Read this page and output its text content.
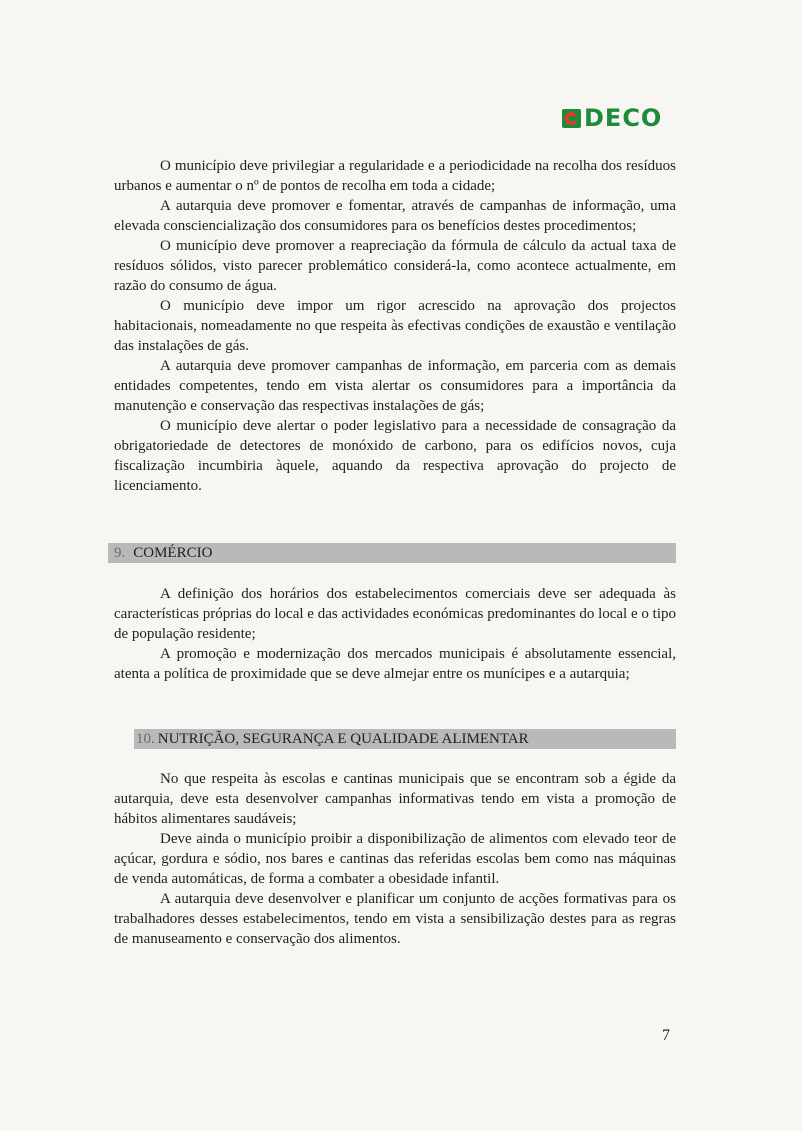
DECO

O município deve privilegiar a regularidade e a periodicidade na recolha dos resíduos urbanos e aumentar o nº de pontos de recolha em toda a cidade;

A autarquia deve promover e fomentar, através de campanhas de informação, uma elevada consciencialização dos consumidores para os benefícios destes procedimentos;

O município deve promover a reapreciação da fórmula de cálculo da actual taxa de resíduos sólidos, visto parecer problemático considerá-la, como acontece actualmente, em razão do consumo de água.

O município deve impor um rigor acrescido na aprovação dos projectos habitacionais, nomeadamente no que respeita às efectivas condições de exaustão e ventilação das instalações de gás.

A autarquia deve promover campanhas de informação, em parceria com as demais entidades competentes, tendo em vista alertar os consumidores para a importância da manutenção e conservação das respectivas instalações de gás;

O município deve alertar o poder legislativo para a necessidade de consagração da obrigatoriedade de detectores de monóxido de carbono, para os edifícios novos, cuja fiscalização incumbiria àquele, aquando da respectiva aprovação do projecto de licenciamento.

9. COMÉRCIO

A definição dos horários dos estabelecimentos comerciais deve ser adequada às características próprias do local e das actividades económicas predominantes do local e o tipo de população residente;

A promoção e modernização dos mercados municipais é absolutamente essencial, atenta a política de proximidade que se deve almejar entre os munícipes e a autarquia;

10. NUTRIÇÃO, SEGURANÇA E QUALIDADE ALIMENTAR

No que respeita às escolas e cantinas municipais que se encontram sob a égide da autarquia, deve esta desenvolver campanhas informativas tendo em vista a promoção de hábitos alimentares saudáveis;

Deve ainda o município proibir a disponibilização de alimentos com elevado teor de açúcar, gordura e sódio, nos bares e cantinas das referidas escolas bem como nas máquinas de venda automáticas, de forma a combater a obesidade infantil.

A autarquia deve desenvolver e planificar um conjunto de acções formativas para os trabalhadores desses estabelecimentos, tendo em vista a sensibilização destes para as regras de manuseamento e conservação dos alimentos.

7
